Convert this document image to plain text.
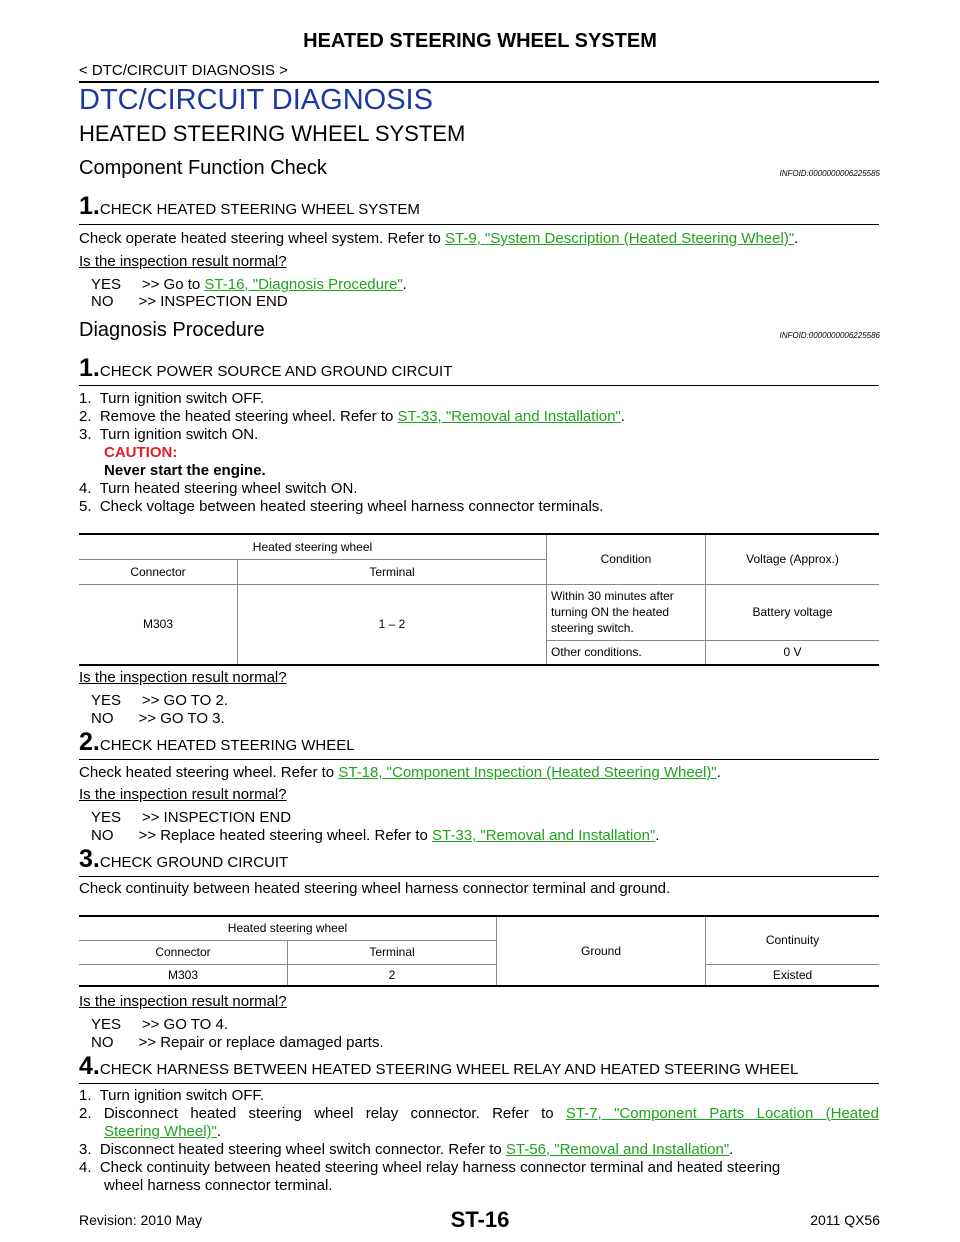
HEATED STEERING WHEEL SYSTEM
< DTC/CIRCUIT DIAGNOSIS >
DTC/CIRCUIT DIAGNOSIS
HEATED STEERING WHEEL SYSTEM
Component Function Check	INFOID:0000000006225585
1.CHECK HEATED STEERING WHEEL SYSTEM
Check operate heated steering wheel system. Refer to ST-9, "System Description (Heated Steering Wheel)".
Is the inspection result normal?
YES     >> Go to ST-16, "Diagnosis Procedure".
NO      >> INSPECTION END
Diagnosis Procedure	INFOID:0000000006225586
1.CHECK POWER SOURCE AND GROUND CIRCUIT
1.  Turn ignition switch OFF.
2.  Remove the heated steering wheel. Refer to ST-33, "Removal and Installation".
3.  Turn ignition switch ON.
CAUTION:
Never start the engine.
4.  Turn heated steering wheel switch ON.
5.  Check voltage between heated steering wheel harness connector terminals.
Heated steering wheel		Condition	Voltage (Approx.)
Connector	Terminal		
M303	1 – 2	Within 30 minutes after turning ON the heated steering switch.	Battery voltage
		Other conditions.	0 V
Is the inspection result normal?
YES     >> GO TO 2.
NO      >> GO TO 3.
2.CHECK HEATED STEERING WHEEL
Check heated steering wheel. Refer to ST-18, "Component Inspection (Heated Steering Wheel)".
Is the inspection result normal?
YES     >> INSPECTION END
NO      >> Replace heated steering wheel. Refer to ST-33, "Removal and Installation".
3.CHECK GROUND CIRCUIT
Check continuity between heated steering wheel harness connector terminal and ground.
Heated steering wheel		Ground	Continuity
Connector	Terminal		
M303	2		Existed
Is the inspection result normal?
YES     >> GO TO 4.
NO      >> Repair or replace damaged parts.
4.CHECK HARNESS BETWEEN HEATED STEERING WHEEL RELAY AND HEATED STEERING WHEEL
1.  Turn ignition switch OFF.
2. Disconnect heated steering wheel relay connector. Refer to ST-7, "Component Parts Location (Heated
Steering Wheel)".
3.  Disconnect heated steering wheel switch connector. Refer to ST-56, "Removal and Installation".
4.  Check continuity between heated steering wheel relay harness connector terminal and heated steering
wheel harness connector terminal.
Revision: 2010 May	ST-16	2011 QX56
